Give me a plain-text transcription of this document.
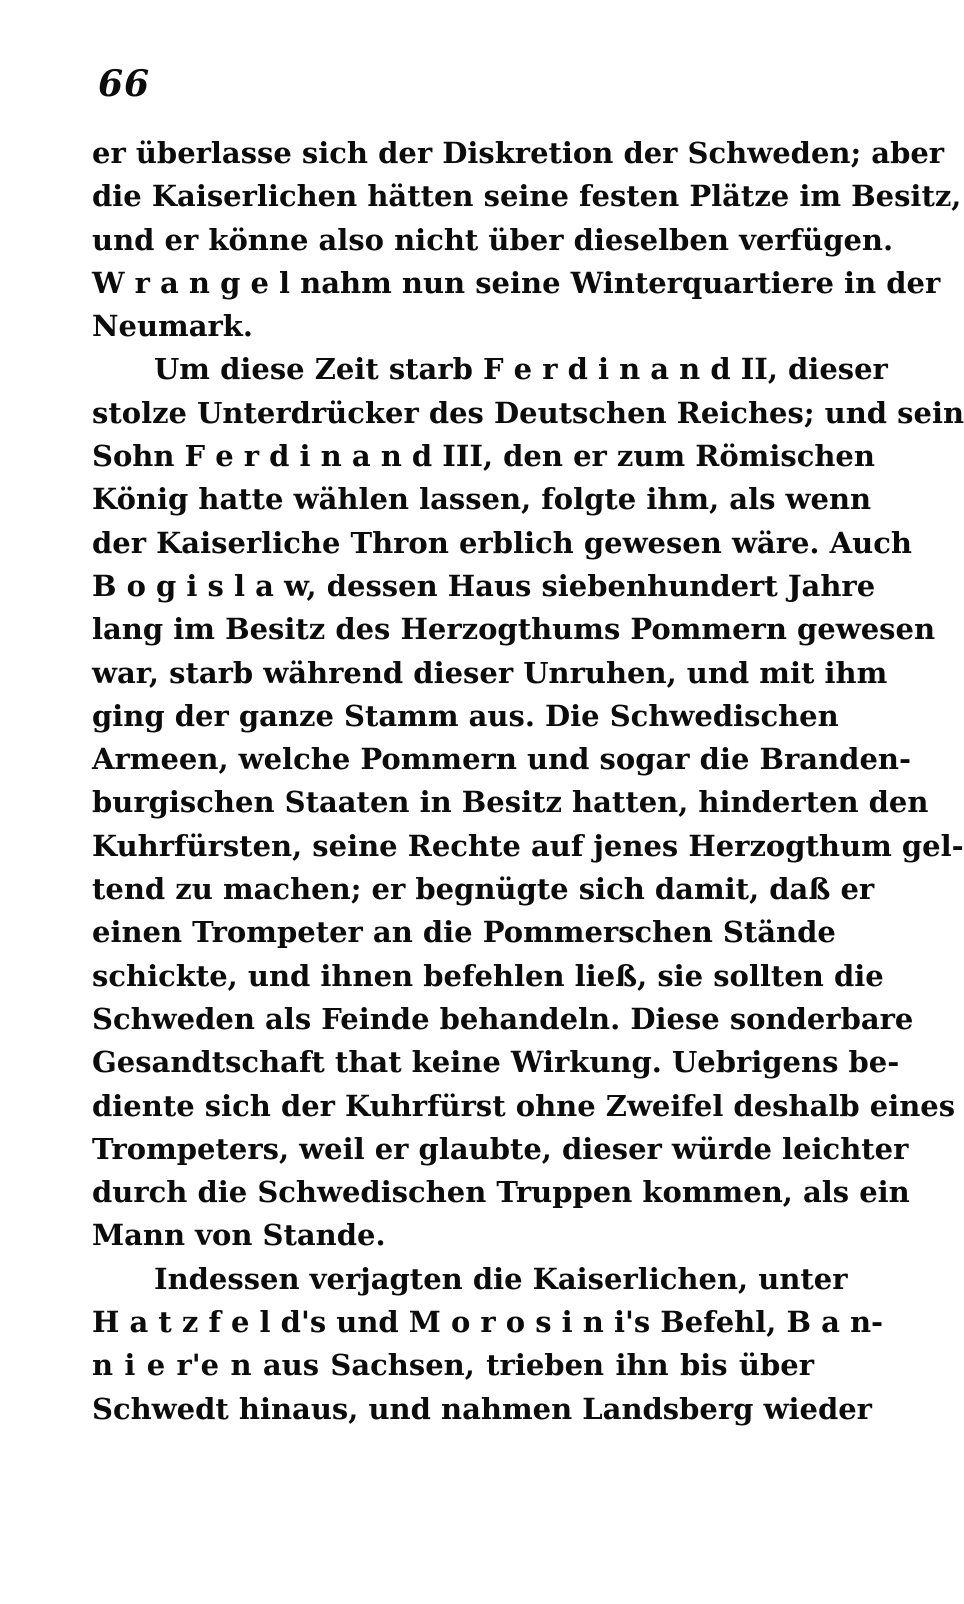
66
er überlasse sich der Diskretion der Schweden; aber
die Kaiserlichen hätten seine festen Plätze im Besitz,
und er könne also nicht über dieselben verfügen.
W r a n g e l nahm nun seine Winterquartiere in der
Neumark.
Um diese Zeit starb F e r d i n a n d II, dieser
stolze Unterdrücker des Deutschen Reiches; und sein
Sohn F e r d i n a n d III, den er zum Römischen
König hatte wählen lassen, folgte ihm, als wenn
der Kaiserliche Thron erblich gewesen wäre. Auch
B o g i s l a w, dessen Haus siebenhundert Jahre
lang im Besitz des Herzogthums Pommern gewesen
war, starb während dieser Unruhen, und mit ihm
ging der ganze Stamm aus. Die Schwedischen
Armeen, welche Pommern und sogar die Branden-
burgischen Staaten in Besitz hatten, hinderten den
Kuhrfürsten, seine Rechte auf jenes Herzogthum gel-
tend zu machen; er begnügte sich damit, daß er
einen Trompeter an die Pommerschen Stände
schickte, und ihnen befehlen ließ, sie sollten die
Schweden als Feinde behandeln. Diese sonderbare
Gesandtschaft that keine Wirkung. Uebrigens be-
diente sich der Kuhrfürst ohne Zweifel deshalb eines
Trompeters, weil er glaubte, dieser würde leichter
durch die Schwedischen Truppen kommen, als ein
Mann von Stande.
Indessen verjagten die Kaiserlichen, unter
H a t z f e l d's und M o r o s i n i's Befehl, B a n-
n i e r'e n aus Sachsen, trieben ihn bis über
Schwedt hinaus, und nahmen Landsberg wieder
